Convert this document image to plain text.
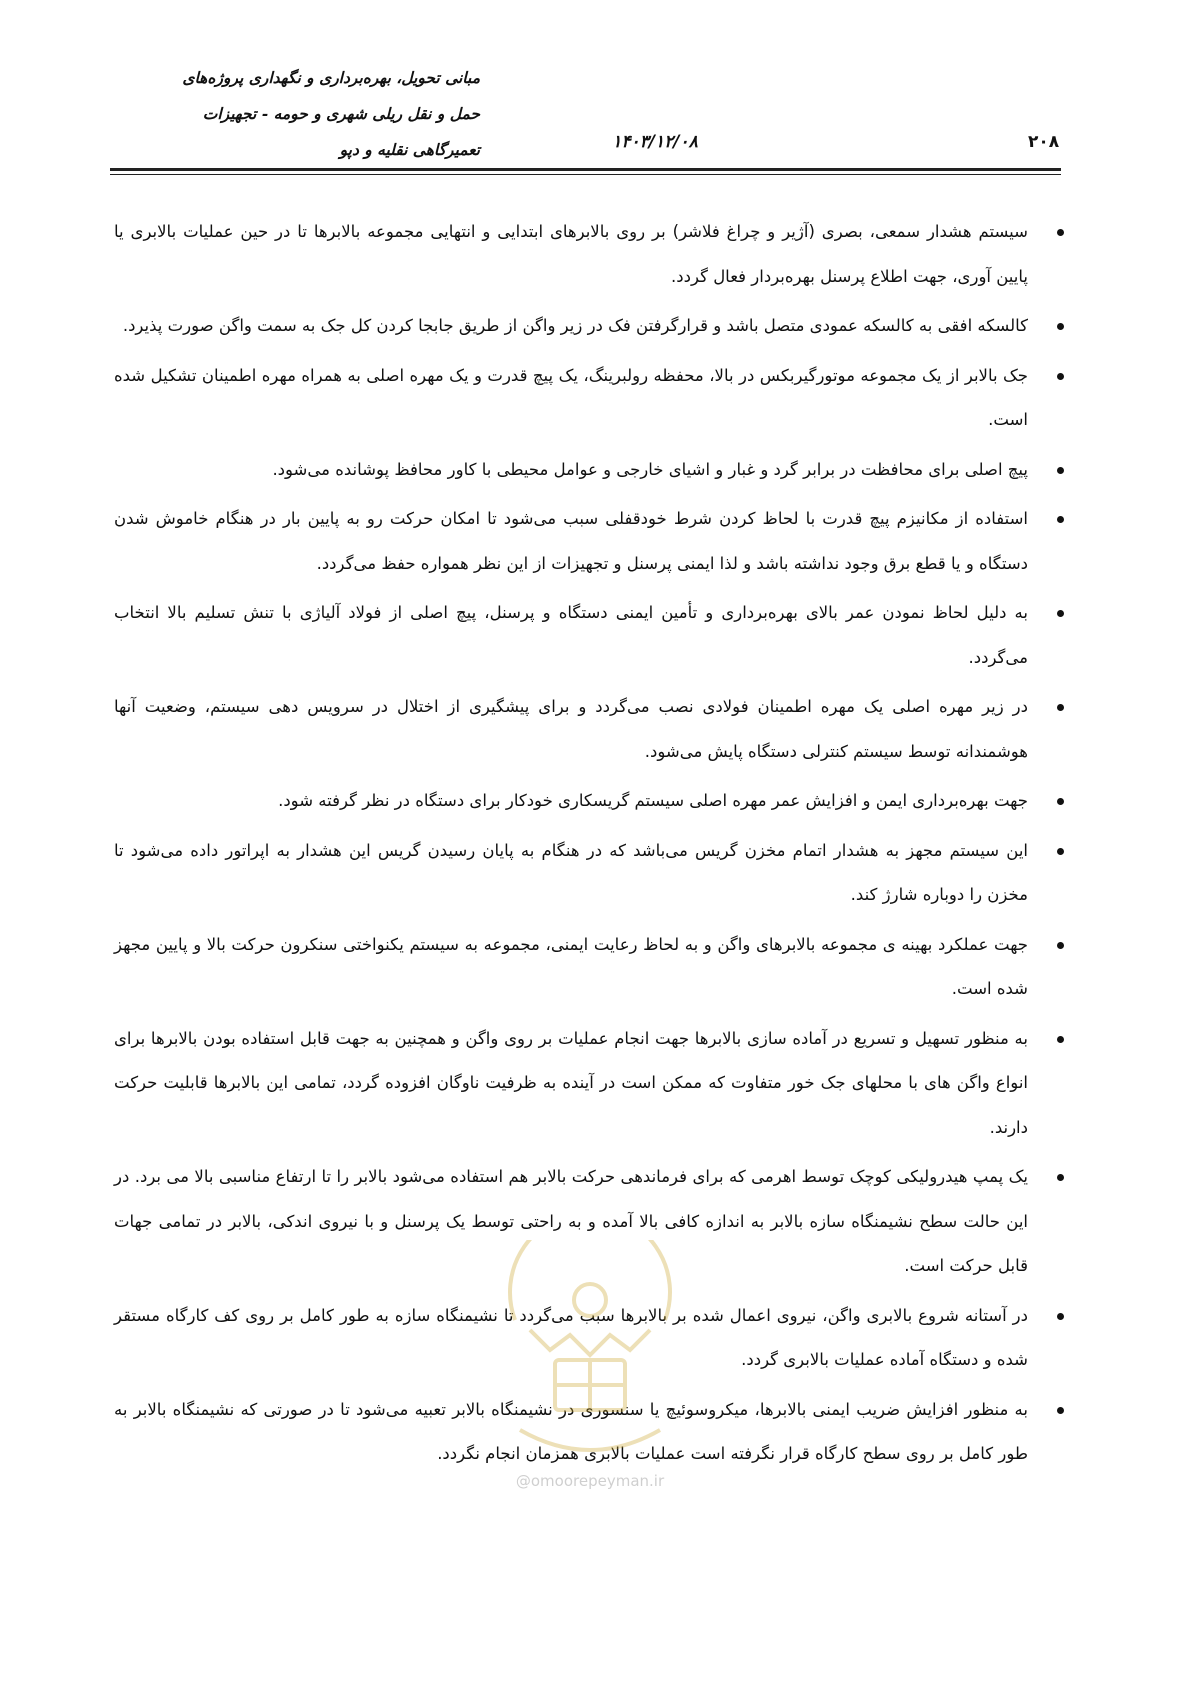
مبانی تحویل، بهره‌برداری و نگهداری پروژه‌های
حمل و نقل ریلی شهری و حومه - تجهیزات
تعمیرگاهی نقلیه و دپو	۱۴۰۳/۱۲/۰۸	۲۰۸
سیستم هشدار سمعی، بصری (آژیر و چراغ فلاشر) بر روی بالابرهای ابتدایی و انتهایی مجموعه بالابرها تا در حین عملیات بالابری یا پایین آوری، جهت اطلاع پرسنل بهره‌بردار فعال گردد.
کالسکه افقی به کالسکه عمودی متصل باشد و قرارگرفتن فک در زیر واگن از طریق جابجا کردن کل جک به سمت واگن صورت پذیرد.
جک بالابر از یک مجموعه موتورگیربکس در بالا، محفظه رولبرینگ، یک پیچ قدرت و یک مهره اصلی به همراه مهره اطمینان تشکیل شده است.
پیچ اصلی برای محافظت در برابر گرد و غبار و اشیای خارجی و عوامل محیطی با کاور محافظ پوشانده می‌شود.
استفاده از مکانیزم پیچ قدرت با لحاظ کردن شرط خودقفلی سبب می‌شود تا امکان حرکت رو به پایین بار در هنگام خاموش شدن دستگاه و یا قطع برق وجود نداشته باشد و لذا ایمنی پرسنل و تجهیزات از این نظر همواره حفظ می‌گردد.
به دلیل لحاظ نمودن عمر بالای بهره‌برداری و تأمین ایمنی دستگاه و پرسنل، پیچ اصلی از فولاد آلیاژی با تنش تسلیم بالا انتخاب می‌گردد.
در زیر مهره اصلی یک مهره اطمینان فولادی نصب می‌گردد و برای پیشگیری از اختلال در سرویس دهی سیستم، وضعیت آنها هوشمندانه توسط سیستم کنترلی دستگاه پایش می‌شود.
جهت بهره‌برداری ایمن و افزایش عمر مهره اصلی سیستم گریسکاری خودکار برای دستگاه در نظر گرفته شود.
این سیستم مجهز به هشدار اتمام مخزن گریس می‌باشد که در هنگام به پایان رسیدن گریس این هشدار به اپراتور داده می‌شود تا مخزن را دوباره شارژ کند.
جهت عملکرد بهینه ی مجموعه بالابرهای واگن و به لحاظ رعایت ایمنی، مجموعه به سیستم یکنواختی سنکرون حرکت بالا و پایین مجهز شده است.
به منظور تسهیل و تسریع در آماده سازی بالابرها جهت انجام عملیات بر روی واگن و همچنین به جهت قابل استفاده بودن بالابرها برای انواع واگن های با محلهای جک خور متفاوت که ممکن است در آینده به ظرفیت ناوگان افزوده گردد، تمامی این بالابرها قابلیت حرکت دارند.
یک پمپ هیدرولیکی کوچک توسط اهرمی که برای فرماندهی حرکت بالابر هم استفاده می‌شود بالابر را تا ارتفاع مناسبی بالا می برد. در این حالت سطح نشیمنگاه سازه بالابر به اندازه کافی بالا آمده و به راحتی توسط یک پرسنل و با نیروی اندکی، بالابر در تمامی جهات قابل حرکت است.
در آستانه شروع بالابری واگن، نیروی اعمال شده بر بالابرها سبب می‌گردد تا نشیمنگاه سازه به طور کامل بر روی کف کارگاه مستقر شده و دستگاه آماده عملیات بالابری گردد.
به منظور افزایش ضریب ایمنی بالابرها، میکروسوئیچ یا سنسوری در نشیمنگاه بالابر تعبیه می‌شود تا در صورتی که نشیمنگاه بالابر به طور کامل بر روی سطح کارگاه قرار نگرفته است عملیات بالابری همزمان انجام نگردد.
@omoorepeyman.ir
